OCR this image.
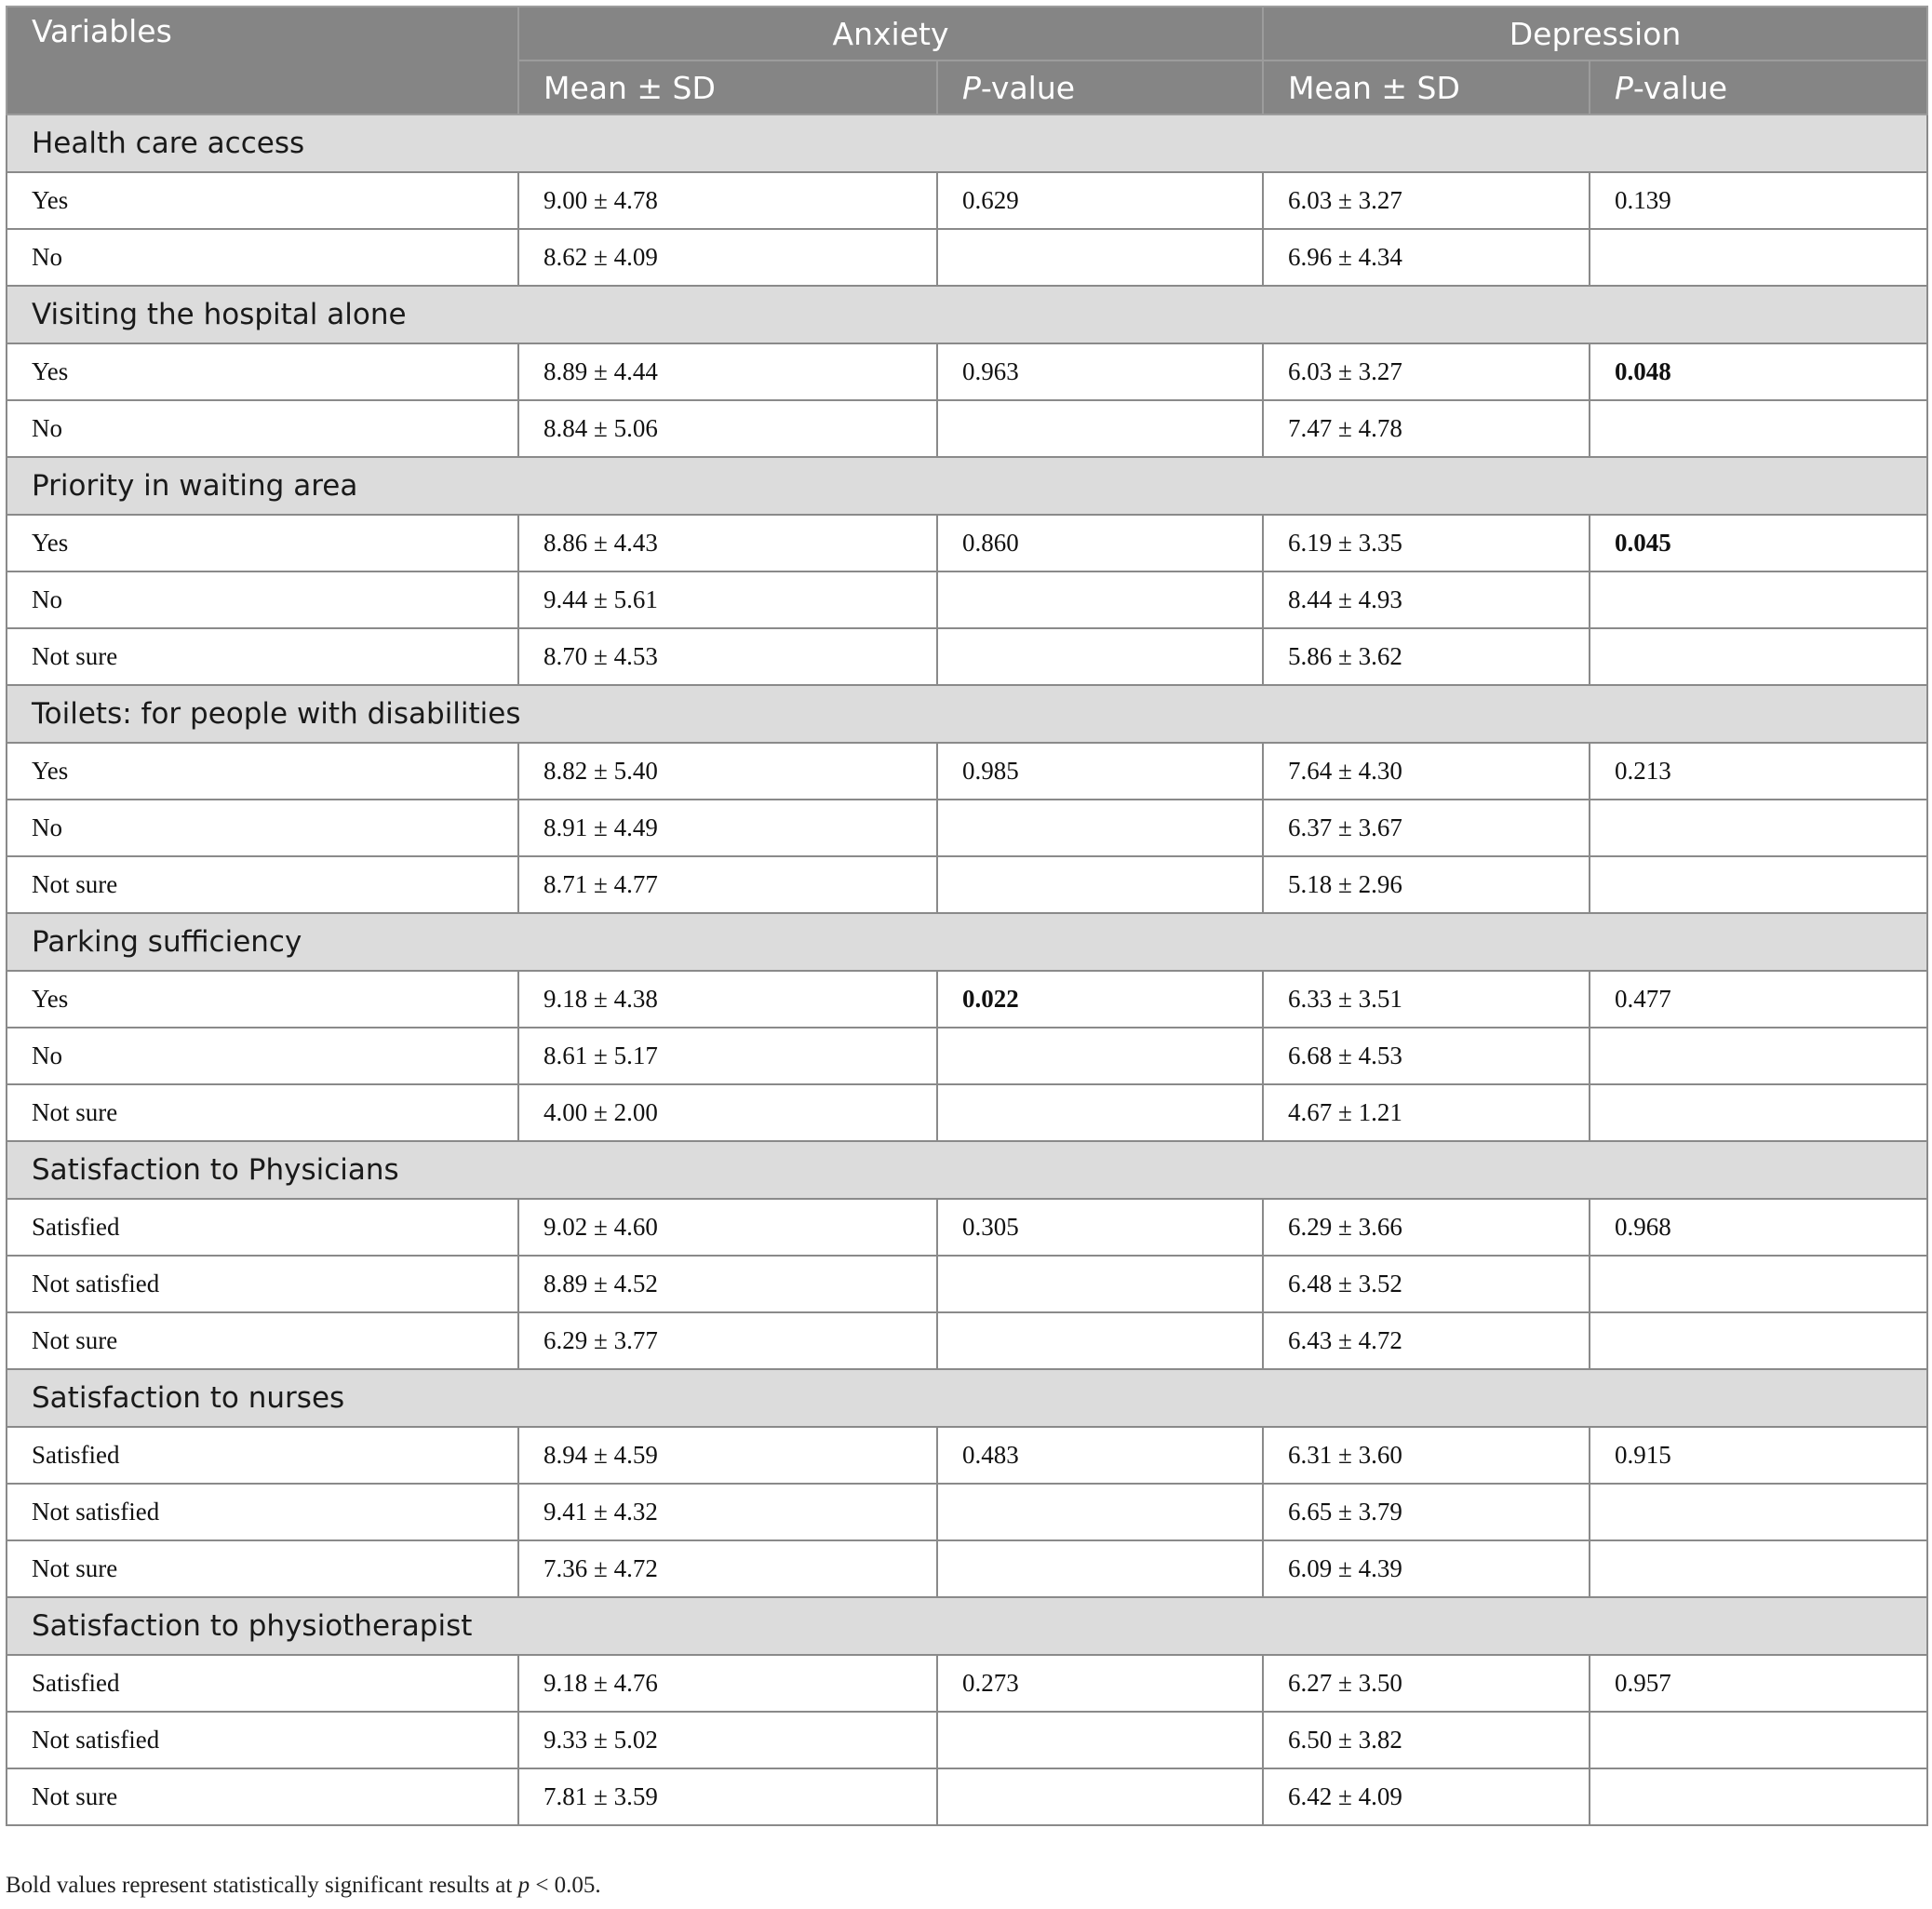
Variables	Anxiety		Depression	
	Mean ± SD	P-value	Mean ± SD	P-value
Health care access				
Yes	9.00 ± 4.78	0.629	6.03 ± 3.27	0.139
No	8.62 ± 4.09		6.96 ± 4.34	
Visiting the hospital alone				
Yes	8.89 ± 4.44	0.963	6.03 ± 3.27	0.048
No	8.84 ± 5.06		7.47 ± 4.78	
Priority in waiting area				
Yes	8.86 ± 4.43	0.860	6.19 ± 3.35	0.045
No	9.44 ± 5.61		8.44 ± 4.93	
Not sure	8.70 ± 4.53		5.86 ± 3.62	
Toilets: for people with disabilities				
Yes	8.82 ± 5.40	0.985	7.64 ± 4.30	0.213
No	8.91 ± 4.49		6.37 ± 3.67	
Not sure	8.71 ± 4.77		5.18 ± 2.96	
Parking sufficiency				
Yes	9.18 ± 4.38	0.022	6.33 ± 3.51	0.477
No	8.61 ± 5.17		6.68 ± 4.53	
Not sure	4.00 ± 2.00		4.67 ± 1.21	
Satisfaction to Physicians				
Satisfied	9.02 ± 4.60	0.305	6.29 ± 3.66	0.968
Not satisfied	8.89 ± 4.52		6.48 ± 3.52	
Not sure	6.29 ± 3.77		6.43 ± 4.72	
Satisfaction to nurses				
Satisfied	8.94 ± 4.59	0.483	6.31 ± 3.60	0.915
Not satisfied	9.41 ± 4.32		6.65 ± 3.79	
Not sure	7.36 ± 4.72		6.09 ± 4.39	
Satisfaction to physiotherapist				
Satisfied	9.18 ± 4.76	0.273	6.27 ± 3.50	0.957
Not satisfied	9.33 ± 5.02		6.50 ± 3.82	
Not sure	7.81 ± 3.59		6.42 ± 4.09	
Bold values represent statistically significant results at p < 0.05.
